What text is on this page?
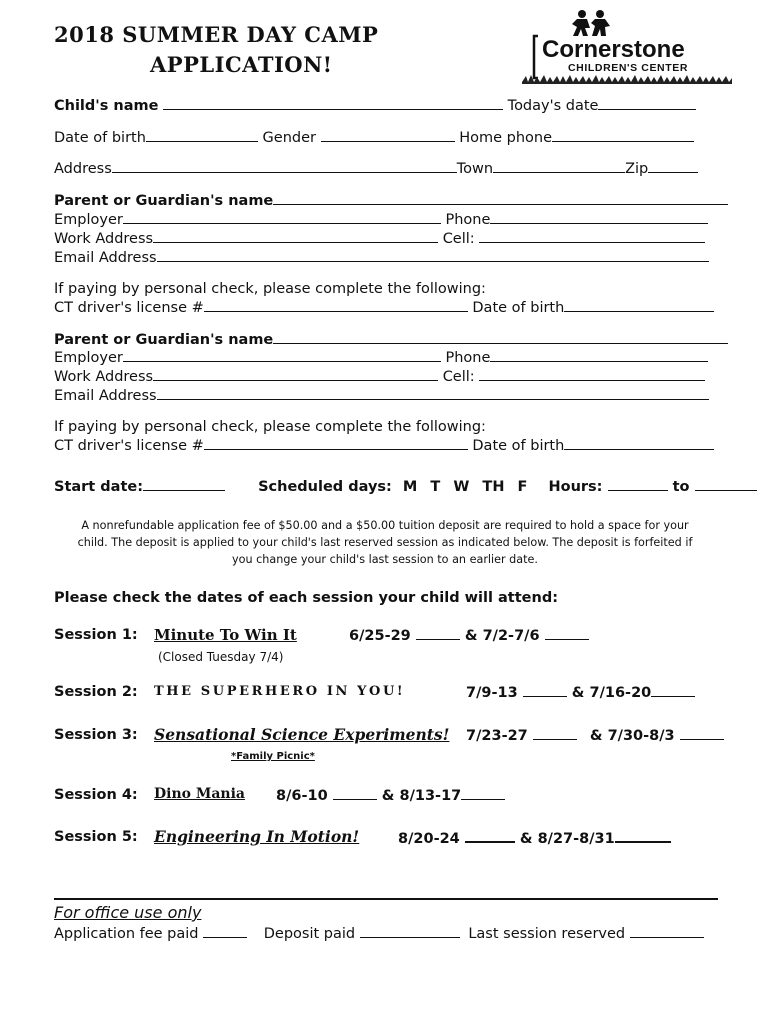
2018 SUMMER DAY CAMP
APPLICATION!
Cornerstone
CHILDREN'S CENTER
Child's name	Today's date
Date of birth	Gender	Home phone
Address	Town	Zip
Parent or Guardian's name
Employer	Phone
Work Address	Cell:
Email Address
If paying by personal check, please complete the following:
CT driver's license #	Date of birth
Parent or Guardian's name
Employer	Phone
Work Address	Cell:
Email Address
If paying by personal check, please complete the following:
CT driver's license #	Date of birth
Start date:	Scheduled days: M T W TH F Hours:	to
A nonrefundable application fee of $50.00 and a $50.00 tuition deposit are required to hold a space for your
child. The deposit is applied to your child's last reserved session as indicated below. The deposit is forfeited if
you change your child's last session to an earlier date.
Please check the dates of each session your child will attend:
Session 1: Minute To Win It	6/25-29	& 7/2-7/6
(Closed Tuesday 7/4)
Session 2: THE SUPERHERO IN YOU!	7/9-13	& 7/16-20
Session 3: Sensational Science Experiments! 7/23-27	& 7/30-8/3
*Family Picnic*
Session 4: Dino Mania 8/6-10	& 8/13-17
Session 5: Engineering In Motion!	8/20-24	& 8/27-8/31
For office use only
Application fee paid	Deposit paid	Last session reserved
